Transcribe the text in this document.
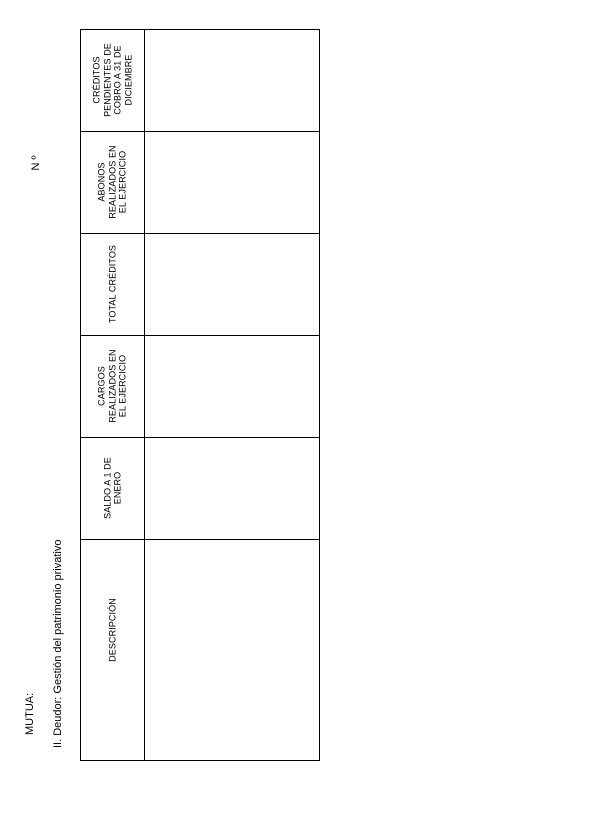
MUTUA: II. Deudor: Gestión del patrimonio privativo
N º
CRÉDITOS
PENDIENTES DE
COBRO A 31 DE
DICIEMBRE
ABONOS
REALIZADOS EN
EL EJERCICIO
TOTAL CRÉDITOS
CARGOS
REALIZADOS EN
EL EJERCICIO
SALDO A 1 DE
ENERO
DESCRIPCIÓN
